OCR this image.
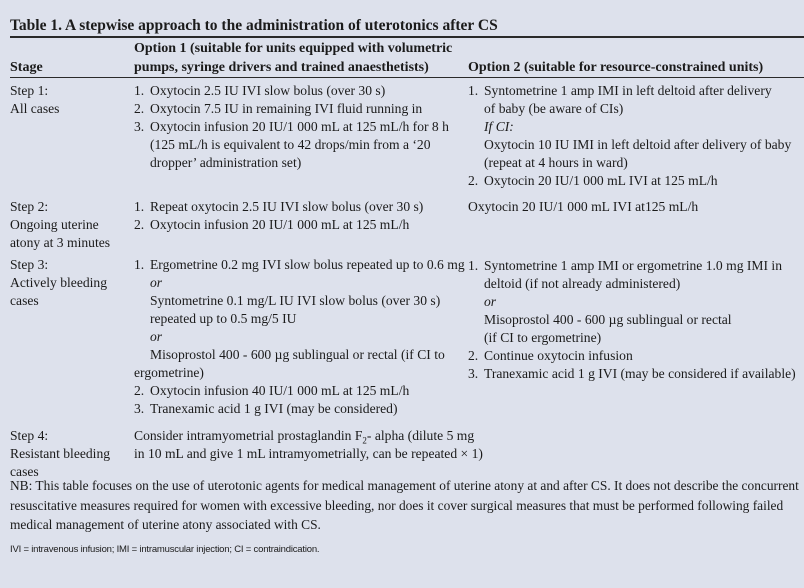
Table 1. A stepwise approach to the administration of uterotonics after CS
Stage
Option 1 (suitable for units equipped with volumetric
pumps, syringe drivers and trained anaesthetists)	Option 2 (suitable for resource-constrained units)
Step 1:
All cases
1. Oxytocin 2.5 IU IVI slow bolus (over 30 s)
2. Oxytocin 7.5 IU in remaining IVI fluid running in
3. Oxytocin infusion 20 IU/1 000 mL at 125 mL/h for 8 h
(125 mL/h is equivalent to 42 drops/min from a ‘20
dropper’ administration set)
1. Syntometrine 1 amp IMI in left deltoid after delivery
of baby (be aware of CIs)
If CI:
Oxytocin 10 IU IMI in left deltoid after delivery of baby
(repeat at 4 hours in ward)
2. Oxytocin 20 IU/1 000 mL IVI at 125 mL/h
Step 2:
Ongoing uterine
atony at 3 minutes
1. Repeat oxytocin 2.5 IU IVI slow bolus (over 30 s)
2. Oxytocin infusion 20 IU/1 000 mL at 125 mL/h
Oxytocin 20 IU/1 000 mL IVI at125 mL/h
Step 3:
Actively bleeding
cases
1. Ergometrine 0.2 mg IVI slow bolus repeated up to 0.6 mg
or
Syntometrine 0.1 mg/L IU IVI slow bolus (over 30 s)
repeated up to 0.5 mg/5 IU
or
Misoprostol 400 - 600 µg sublingual or rectal (if CI to
ergometrine)
2. Oxytocin infusion 40 IU/1 000 mL at 125 mL/h
3. Tranexamic acid 1 g IVI (may be considered)
1. Syntometrine 1 amp IMI or ergometrine 1.0 mg IMI in
deltoid (if not already administered)
or
Misoprostol 400 - 600 µg sublingual or rectal
(if CI to ergometrine)
2. Continue oxytocin infusion
3. Tranexamic acid 1 g IVI (may be considered if available)
Step 4:
Resistant bleeding
cases
Consider intramyometrial prostaglandin $F_2-$ alpha (dilute 5 mg
in 10 mL and give 1 mL intramyometrially, can be repeated × 1)
NB: This table focuses on the use of uterotonic agents for medical management of uterine atony at and after CS. It does not describe the concurrent resuscitative measures required for women with excessive bleeding, nor does it cover surgical measures that must be performed following failed medical management of uterine atony associated with CS.
IVI = intravenous infusion; IMI = intramuscular injection; CI = contraindication.
